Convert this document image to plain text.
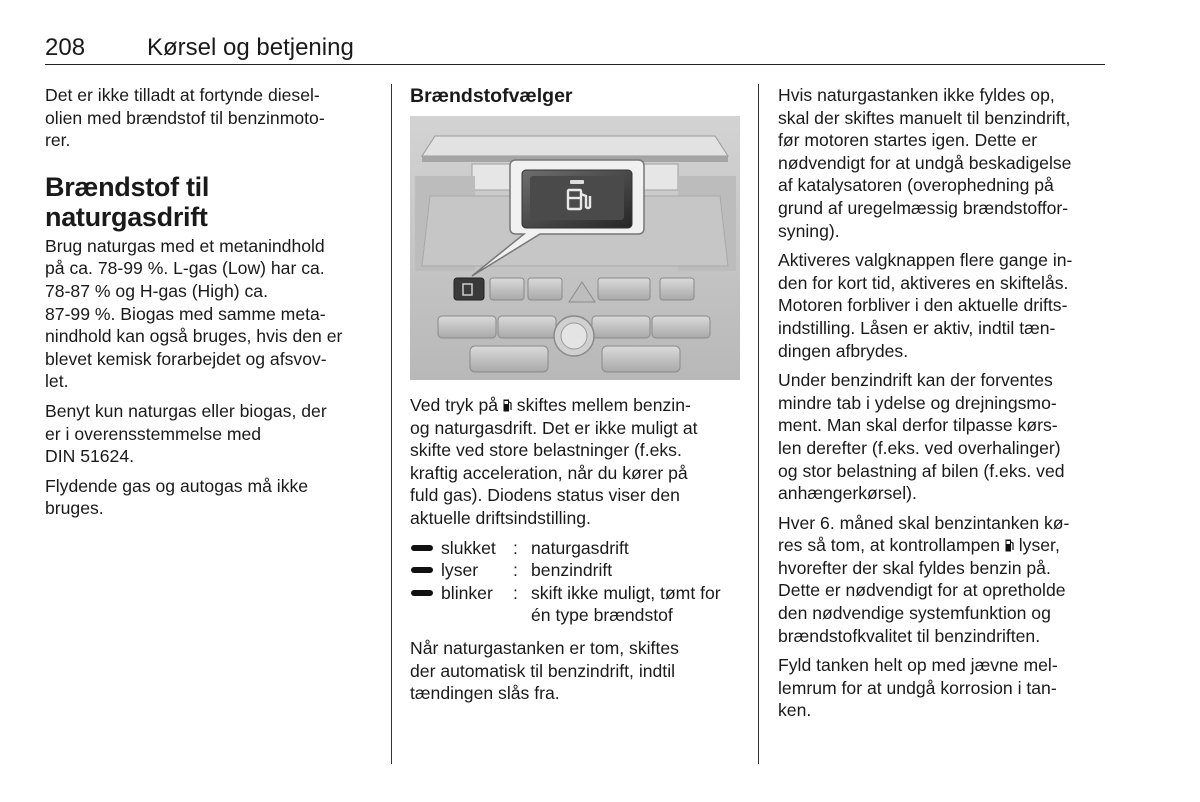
208	Kørsel og betjening

Det er ikke tilladt at fortynde diesel-
olien med brændstof til benzinmoto-
rer.

Brændstof til naturgasdrift

Brug naturgas med et metanindhold
på ca. 78-99 %. L-gas (Low) har ca.
78-87 % og H-gas (High) ca.
87-99 %. Biogas med samme meta-
nindhold kan også bruges, hvis den er
blevet kemisk forarbejdet og afsvov-
let.

Benyt kun naturgas eller biogas, der
er i overensstemmelse med
DIN 51624.

Flydende gas og autogas må ikke
bruges.

Brændstofvælger

Ved tryk på  skiftes mellem benzin-
og naturgasdrift. Det er ikke muligt at
skifte ved store belastninger (f.eks.
kraftig acceleration, når du kører på
fuld gas). Diodens status viser den
aktuelle driftsindstilling.

slukket : naturgasdrift
lyser	: benzindrift
blinker	: skift ikke muligt, tømt for
én type brændstof

Når naturgastanken er tom, skiftes
der automatisk til benzindrift, indtil
tændingen slås fra.

Hvis naturgastanken ikke fyldes op,
skal der skiftes manuelt til benzindrift,
før motoren startes igen. Dette er
nødvendigt for at undgå beskadigelse
af katalysatoren (overophedning på
grund af uregelmæssig brændstoffor-
syning).

Aktiveres valgknappen flere gange in-
den for kort tid, aktiveres en skiftelås.
Motoren forbliver i den aktuelle drifts-
indstilling. Låsen er aktiv, indtil tæn-
dingen afbrydes.

Under benzindrift kan der forventes
mindre tab i ydelse og drejningsmo-
ment. Man skal derfor tilpasse kørs-
len derefter (f.eks. ved overhalinger)
og stor belastning af bilen (f.eks. ved
anhængerkørsel).

Hver 6. måned skal benzintanken kø-
res så tom, at kontrollampen  lyser,
hvorefter der skal fyldes benzin på.
Dette er nødvendigt for at opretholde
den nødvendige systemfunktion og
brændstofkvalitet til benzindriften.

Fyld tanken helt op med jævne mel-
lemrum for at undgå korrosion i tan-
ken.
